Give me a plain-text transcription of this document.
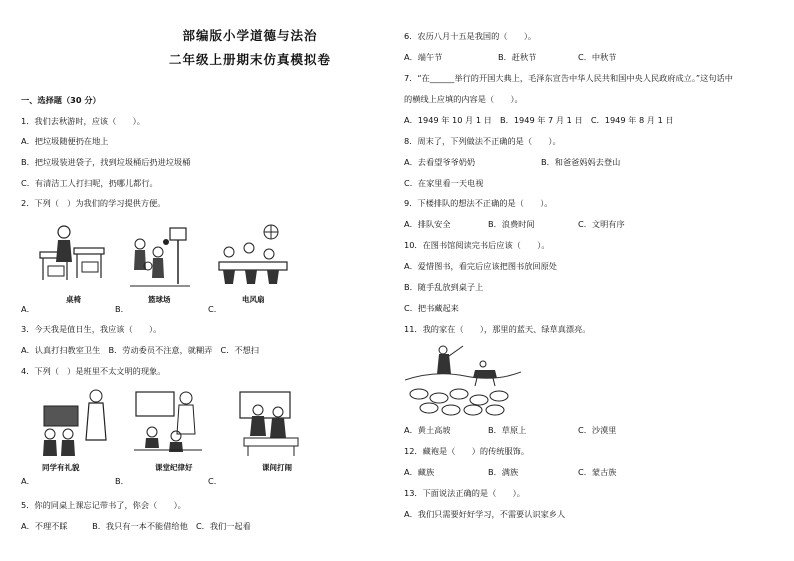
部编版小学道德与法治
二年级上册期末仿真模拟卷
一、选择题（30 分）
1．我们去秋游时，应该（　　）。
A．把垃圾随便扔在地上
B．把垃圾装进袋子，找到垃圾桶后扔进垃圾桶
C．有清洁工人打扫呢，扔哪儿都行。
2．下列（　）为我们的学习提供方便。
桌椅	篮球场	电风扇
A．	B．	C．
3．今天我是值日生，我应该（　　）。
A．认真打扫教室卫生　B．劳动委员不注意，就糊弄　C．不想扫
4．下列（　）是班里不太文明的现象。
同学有礼貌	课堂纪律好	课间打闹
A．	B．	C．
5．你的同桌上课忘记带书了，你会（　　）。
A．不理不睬　　　B．我只有一本不能借给他　C．我们一起看
6．农历八月十五是我国的（　　）。
A．端午节	B．赶秋节	C．中秋节
7．“在______举行的开国大典上，毛泽东宣告中华人民共和国中央人民政府成立。”这句话中
的横线上应填的内容是（　　）。
A．1949 年 10 月 1 日　B．1949 年 7 月 1 日　C．1949 年 8 月 1 日
8．周末了，下列做法不正确的是（　　）。
A．去看望爷爷奶奶	B．和爸爸妈妈去登山
C．在家里看一天电视
9．下楼排队的想法不正确的是（　　）。
A．排队安全	B．浪费时间	C．文明有序
10．在图书馆阅读完书后应该（　　）。
A．爱惜图书，看完后应该把图书放回原处
B．随手乱放到桌子上
C．把书藏起来
11．我的家在（　　），那里的蓝天、绿草真漂亮。
A．黄土高坡	B．草原上	C．沙漠里
12．藏袍是（　　）的传统服饰。
A．藏族	B．满族	C．蒙古族
13．下面说法正确的是（　　）。
A．我们只需要好好学习，不需要认识家乡人
